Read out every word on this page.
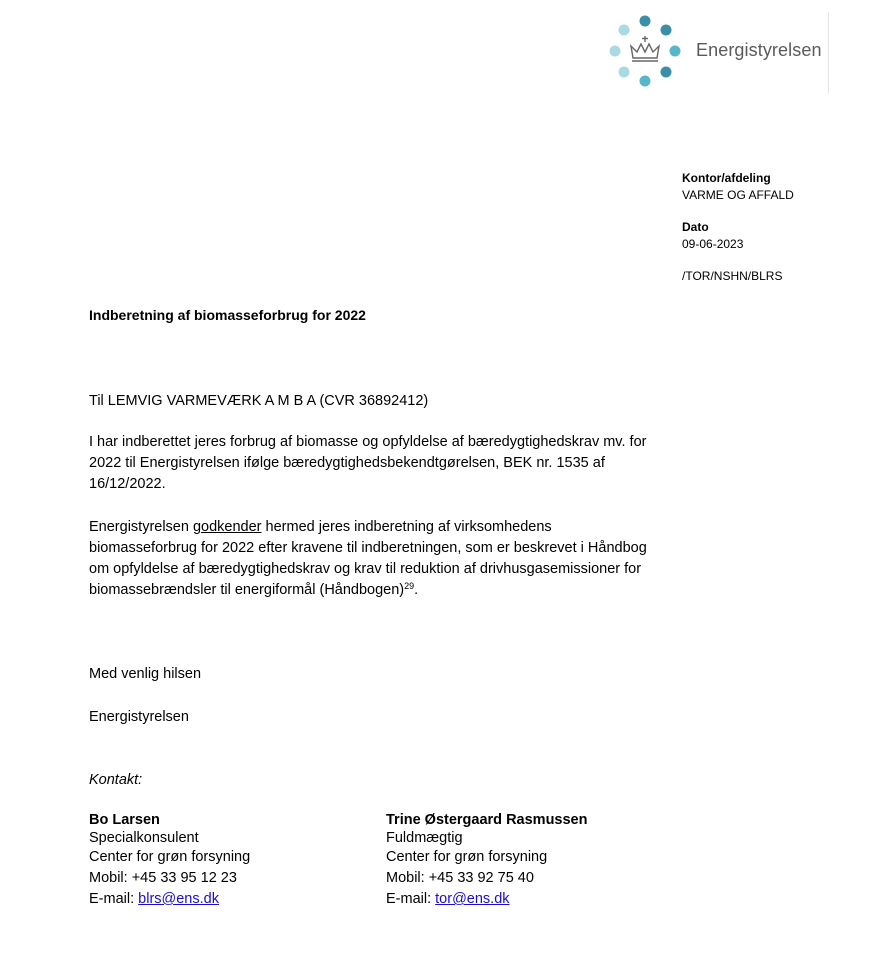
Energistyrelsen
Kontor/afdeling
VARME OG AFFALD
Dato
09-06-2023
/TOR/NSHN/BLRS
Indberetning af biomasseforbrug for 2022
Til LEMVIG VARMEVÆRK A M B A (CVR 36892412)
I har indberettet jeres forbrug af biomasse og opfyldelse af bæredygtighedskrav mv. for 2022 til Energistyrelsen ifølge bæredygtighedsbekendtgørelsen, BEK nr. 1535 af 16/12/2022.
Energistyrelsen godkender hermed jeres indberetning af virksomhedens biomasseforbrug for 2022 efter kravene til indberetningen, som er beskrevet i Håndbog om opfyldelse af bæredygtighedskrav og krav til reduktion af drivhusgasemissioner for biomassebrændsler til energiformål (Håndbogen)$^{29}$.
Med venlig hilsen
Energistyrelsen
Kontakt:
Bo Larsen
Specialkonsulent
Center for grøn forsyning
Mobil: +45 33 95 12 23
E-mail: blrs@ens.dk
Trine Østergaard Rasmussen
Fuldmægtig
Center for grøn forsyning
Mobil: +45 33 92 75 40
E-mail: tor@ens.dk
